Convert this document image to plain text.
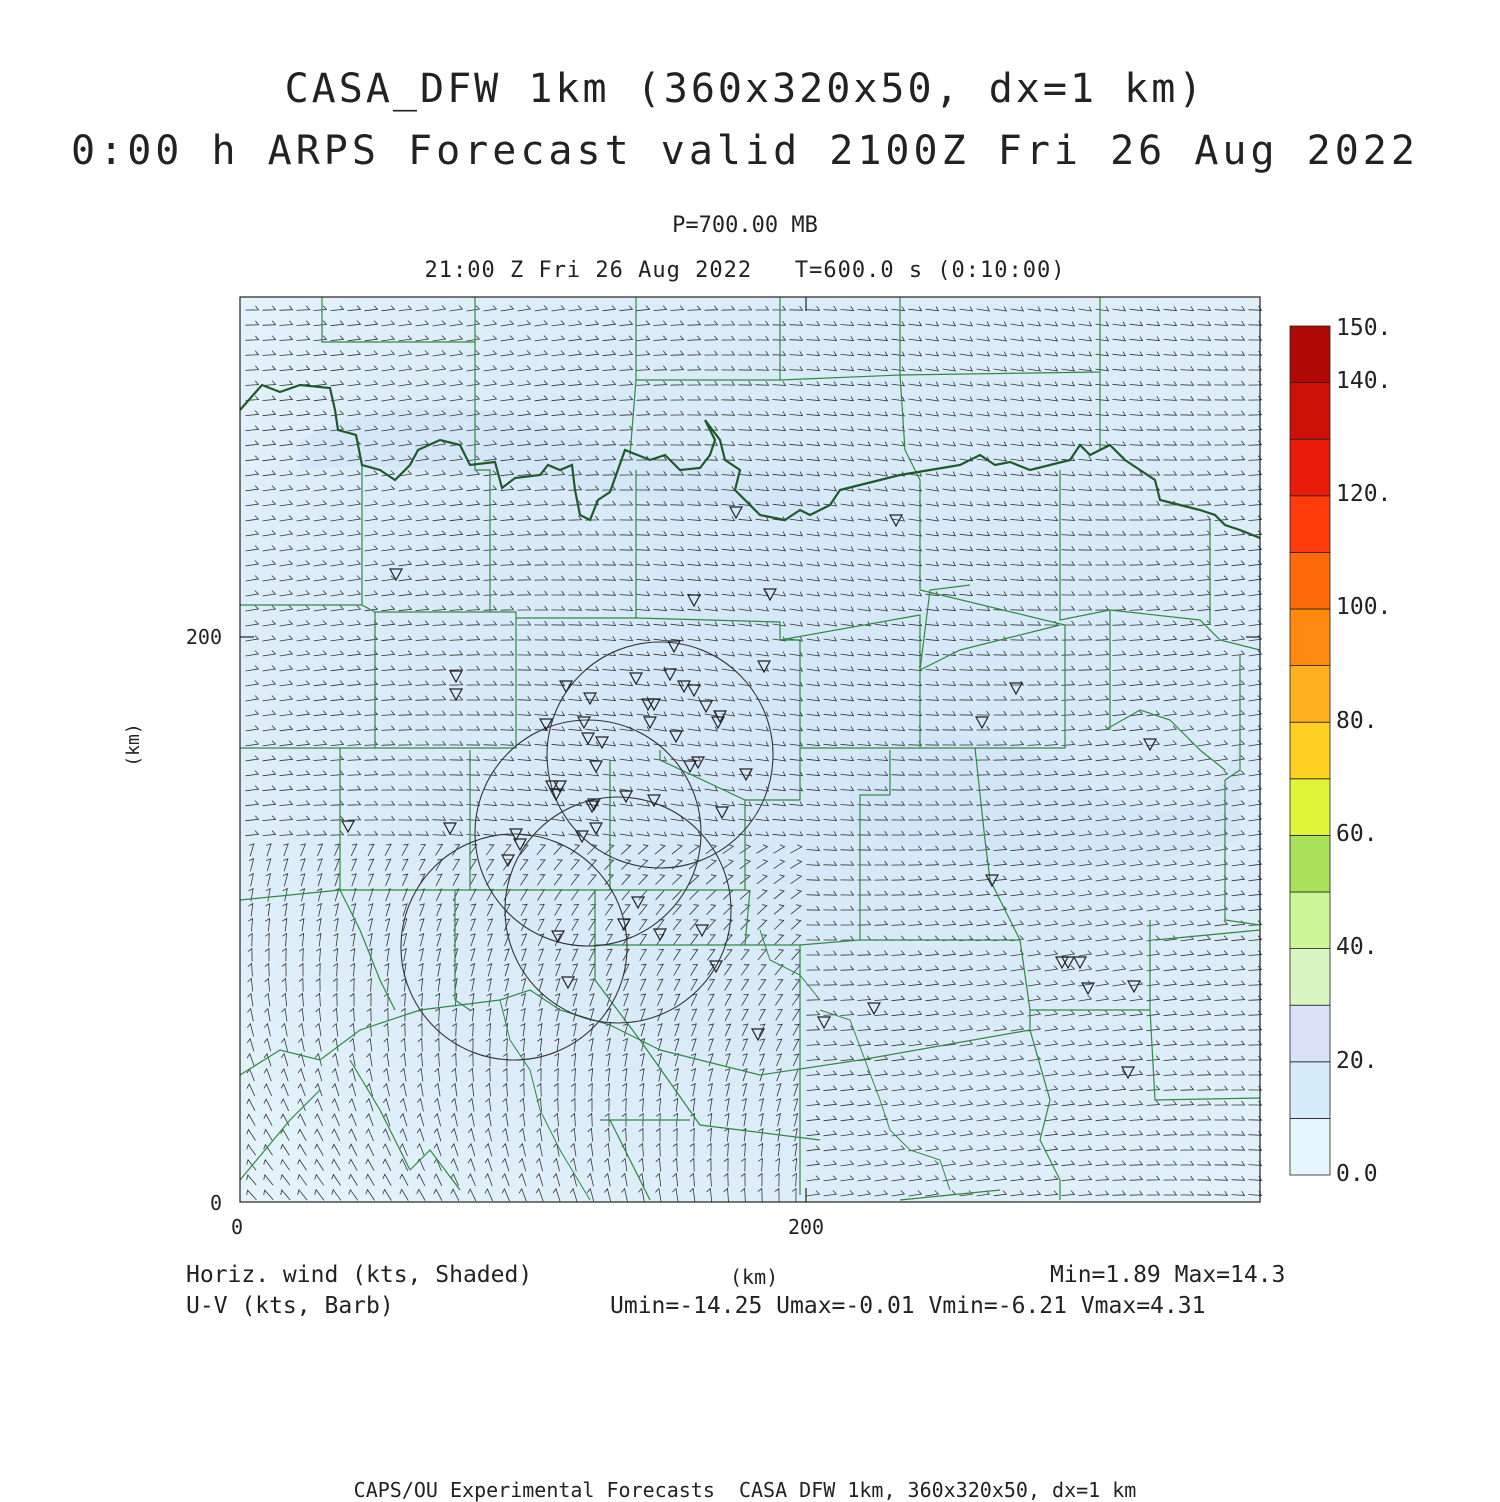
CASA_DFW 1km (360x320x50, dx=1 km)
0:00 h ARPS Forecast valid 2100Z Fri 26 Aug 2022
P=700.00 MB
21:00 Z Fri 26 Aug 2022   T=600.0 s (0:10:00)
0	200
0
200
(km)
150.
140.
120.
100.
80.
60.
40.
20.
0.0
Horiz. wind (kts, Shaded)
U-V (kts, Barb)
(km)	Min=1.89 Max=14.3
Umin=-14.25 Umax=-0.01 Vmin=-6.21 Vmax=4.31
CAPS/OU Experimental Forecasts  CASA DFW 1km, 360x320x50, dx=1 km
